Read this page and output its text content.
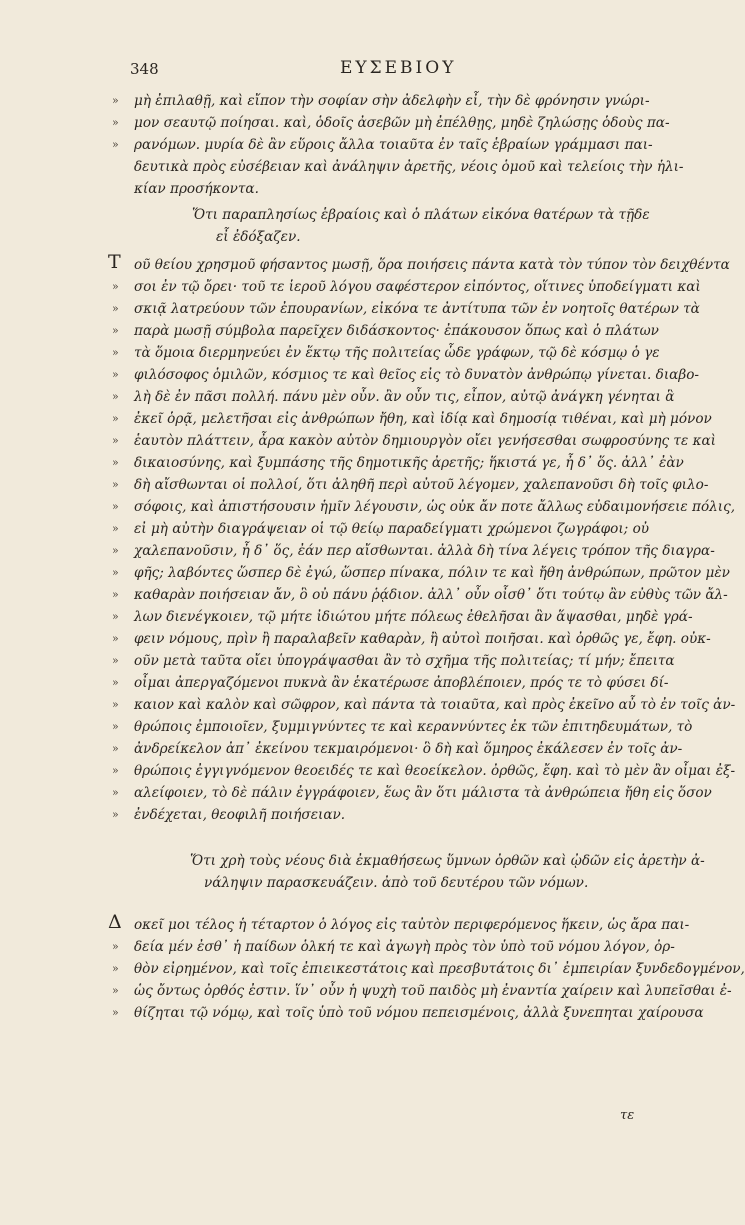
348	ΕΥΣΕΒΙΟΥ
» μὴ ἐπιλαθῇ, καὶ εἴπον τὴν σοφίαν σὴν ἀδελφὴν εἶ, τὴν δὲ φρόνησιν γνώρι-
» μον σεαυτῷ ποίησαι. καὶ, ὁδοῖς ἀσεβῶν μὴ ἐπέλθῃς, μηδὲ ζηλώσῃς ὁδοὺς πα-
» ρανόμων. μυρία δὲ ἂν εὕροις ἄλλα τοιαῦτα ἐν ταῖς ἑβραίων γράμμασι παι-
δευτικὰ πρὸς εὐσέβειαν καὶ ἀνάληψιν ἀρετῆς, νέοις ὁμοῦ καὶ τελείοις τὴν ἡλι-
κίαν προσήκοντα.
Ὅτι παραπλησίως ἑβραίοις καὶ ὁ πλάτων εἰκόνα θατέρων τὰ τῇδε
εἶ ἐδόξαζεν.
Τ οῦ θείου χρησμοῦ φήσαντος μωσῇ, ὅρα ποιήσεις πάντα κατὰ τὸν τύπον τὸν δειχθέντα
» σοι ἐν τῷ ὄρει· τοῦ τε ἱεροῦ λόγου σαφέστερον εἰπόντος, οἵτινες ὑποδείγματι καὶ
» σκιᾷ λατρεύουν τῶν ἐπουρανίων, εἰκόνα τε ἀντίτυπα τῶν ἐν νοητοῖς θατέρων τὰ
» παρὰ μωσῇ σύμβολα παρεῖχεν διδάσκοντος· ἐπάκουσον ὅπως καὶ ὁ πλάτων
» τὰ ὅμοια διερμηνεύει ἐν ἕκτῳ τῆς πολιτείας ὧδε γράφων, τῷ δὲ κόσμῳ ὁ γε
» φιλόσοφος ὁμιλῶν, κόσμιος τε καὶ θεῖος εἰς τὸ δυνατὸν ἀνθρώπῳ γίνεται. διαβο-
» λὴ δὲ ἐν πᾶσι πολλή. πάνυ μὲν οὖν. ἂν οὖν τις, εἶπον, αὐτῷ ἀνάγκη γένηται ἃ
» ἐκεῖ ὁρᾷ, μελετῆσαι εἰς ἀνθρώπων ἤθη, καὶ ἰδίᾳ καὶ δημοσίᾳ τιθέναι, καὶ μὴ μόνον
» ἑαυτὸν πλάττειν, ἆρα κακὸν αὐτὸν δημιουργὸν οἴει γενήσεσθαι σωφροσύνης τε καὶ
» δικαιοσύνης, καὶ ξυμπάσης τῆς δημοτικῆς ἀρετῆς; ἥκιστά γε, ἦ δ᾽ ὅς. ἀλλ᾽ ἐὰν
» δὴ αἴσθωνται οἱ πολλοί, ὅτι ἀληθῆ περὶ αὐτοῦ λέγομεν, χαλεπανοῦσι δὴ τοῖς φιλο-
» σόφοις, καὶ ἀπιστήσουσιν ἡμῖν λέγουσιν, ὡς οὐκ ἄν ποτε ἄλλως εὐδαιμονήσειε πόλις,
» εἰ μὴ αὐτὴν διαγράψειαν οἱ τῷ θείῳ παραδείγματι χρώμενοι ζωγράφοι; οὐ
» χαλεπανοῦσιν, ἦ δ᾽ ὅς, ἐάν περ αἴσθωνται. ἀλλὰ δὴ τίνα λέγεις τρόπον τῆς διαγρα-
» φῆς; λαβόντες ὥσπερ δὲ ἐγώ, ὥσπερ πίνακα, πόλιν τε καὶ ἤθη ἀνθρώπων, πρῶτον μὲν
» καθαρὰν ποιήσειαν ἄν, ὃ οὐ πάνυ ῥᾴδιον. ἀλλ᾽ οὖν οἶσθ᾽ ὅτι τούτῳ ἂν εὐθὺς τῶν ἄλ-
» λων διενέγκοιεν, τῷ μήτε ἰδιώτου μήτε πόλεως ἐθελῆσαι ἂν ἅψασθαι, μηδὲ γρά-
» φειν νόμους, πρὶν ἢ παραλαβεῖν καθαρὰν, ἢ αὐτοὶ ποιῆσαι. καὶ ὀρθῶς γε, ἔφη. οὐκ-
» οῦν μετὰ ταῦτα οἴει ὑπογράψασθαι ἂν τὸ σχῆμα τῆς πολιτείας; τί μήν; ἔπειτα
» οἶμαι ἀπεργαζόμενοι πυκνὰ ἂν ἑκατέρωσε ἀποβλέποιεν, πρός τε τὸ φύσει δί-
» καιον καὶ καλὸν καὶ σῶφρον, καὶ πάντα τὰ τοιαῦτα, καὶ πρὸς ἐκεῖνο αὖ τὸ ἐν τοῖς ἀν-
» θρώποις ἐμποιοῖεν, ξυμμιγνύντες τε καὶ κεραννύντες ἐκ τῶν ἐπιτηδευμάτων, τὸ
» ἀνδρείκελον ἀπ᾽ ἐκείνου τεκμαιρόμενοι· ὃ δὴ καὶ ὅμηρος ἐκάλεσεν ἐν τοῖς ἀν-
» θρώποις ἐγγιγνόμενον θεοειδές τε καὶ θεοείκελον. ὀρθῶς, ἔφη. καὶ τὸ μὲν ἂν οἶμαι ἐξ-
» αλείφοιεν, τὸ δὲ πάλιν ἐγγράφοιεν, ἕως ἂν ὅτι μάλιστα τὰ ἀνθρώπεια ἤθη εἰς ὅσον
» ἐνδέχεται, θεοφιλῆ ποιήσειαν.
Ὅτι χρὴ τοὺς νέους διὰ ἐκμαθήσεως ὕμνων ὀρθῶν καὶ ᾠδῶν εἰς ἀρετὴν ἀ-
νάληψιν παρασκευάζειν. ἀπὸ τοῦ δευτέρου τῶν νόμων.
Δ οκεῖ μοι τέλος ἡ τέταρτον ὁ λόγος εἰς ταὐτὸν περιφερόμενος ἥκειν, ὡς ἄρα παι-
» δεία μέν ἐσθ᾽ ἡ παίδων ὁλκή τε καὶ ἀγωγὴ πρὸς τὸν ὑπὸ τοῦ νόμου λόγον, ὀρ-
» θὸν εἰρημένον, καὶ τοῖς ἐπιεικεστάτοις καὶ πρεσβυτάτοις δι᾽ ἐμπειρίαν ξυνδεδογμένον,
» ὡς ὄντως ὀρθός ἐστιν. ἵν᾽ οὖν ἡ ψυχὴ τοῦ παιδὸς μὴ ἐναντία χαίρειν καὶ λυπεῖσθαι ἐ-
» θίζηται τῷ νόμῳ, καὶ τοῖς ὑπὸ τοῦ νόμου πεπεισμένοις, ἀλλὰ ξυνεπηται χαίρουσα
τε
